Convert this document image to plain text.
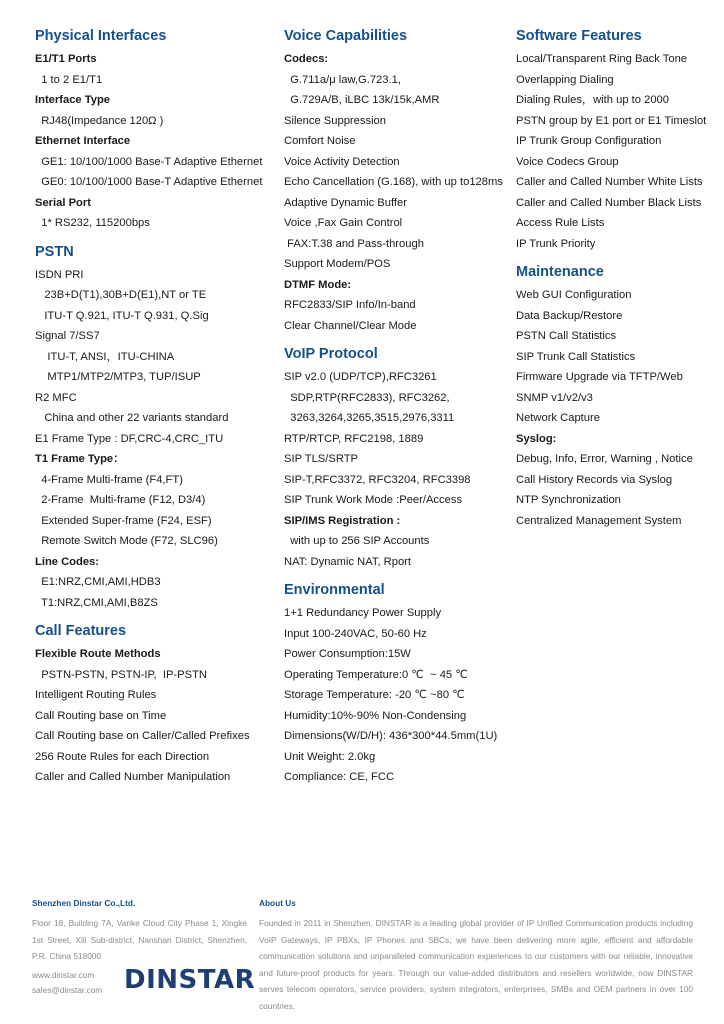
Physical Interfaces
E1/T1 Ports
1 to 2 E1/T1
Interface Type
RJ48(Impedance 120Ω )
Ethernet Interface
GE1: 10/100/1000 Base-T Adaptive Ethernet
GE0: 10/100/1000 Base-T Adaptive Ethernet
Serial Port
1* RS232, 115200bps
PSTN
ISDN PRI
23B+D(T1),30B+D(E1),NT or TE
ITU-T Q.921, ITU-T Q.931, Q.Sig
Signal 7/SS7
ITU-T, ANSI，ITU-CHINA
MTP1/MTP2/MTP3, TUP/ISUP
R2 MFC
China and other 22 variants standard
E1 Frame Type : DF,CRC-4,CRC_ITU
T1 Frame Type：
4-Frame Multi-frame (F4,FT)
2-Frame  Multi-frame (F12, D3/4)
Extended Super-frame (F24, ESF)
Remote Switch Mode (F72, SLC96)
Line Codes:
E1:NRZ,CMI,AMI,HDB3
T1:NRZ,CMI,AMI,B8ZS
Call Features
Flexible Route Methods
PSTN-PSTN, PSTN-IP,  IP-PSTN
Intelligent Routing Rules
Call Routing base on Time
Call Routing base on Caller/Called Prefixes
256 Route Rules for each Direction
Caller and Called Number Manipulation
Voice Capabilities
Codecs:
G.711a/μ law,G.723.1,
G.729A/B, iLBC 13k/15k,AMR
Silence Suppression
Comfort Noise
Voice Activity Detection
Echo Cancellation (G.168), with up to128ms
Adaptive Dynamic Buffer
Voice ,Fax Gain Control
FAX:T.38 and Pass-through
Support Modem/POS
DTMF Mode:
RFC2833/SIP Info/In-band
Clear Channel/Clear Mode
VoIP Protocol
SIP v2.0 (UDP/TCP),RFC3261
SDP,RTP(RFC2833), RFC3262,
3263,3264,3265,3515,2976,3311
RTP/RTCP, RFC2198, 1889
SIP TLS/SRTP
SIP-T,RFC3372, RFC3204, RFC3398
SIP Trunk Work Mode :Peer/Access
SIP/IMS Registration :
with up to 256 SIP Accounts
NAT: Dynamic NAT, Rport
Environmental
1+1 Redundancy Power Supply
Input 100-240VAC, 50-60 Hz
Power Consumption:15W
Operating Temperature:0 ℃  ~ 45 ℃
Storage Temperature: -20 ℃ ~80 ℃
Humidity:10%-90% Non-Condensing
Dimensions(W/D/H): 436*300*44.5mm(1U)
Unit Weight: 2.0kg
Compliance: CE, FCC
Software Features
Local/Transparent Ring Back Tone
Overlapping Dialing
Dialing Rules，with up to 2000
PSTN group by E1 port or E1 Timeslot
IP Trunk Group Configuration
Voice Codecs Group
Caller and Called Number White Lists
Caller and Called Number Black Lists
Access Rule Lists
IP Trunk Priority
Maintenance
Web GUI Configuration
Data Backup/Restore
PSTN Call Statistics
SIP Trunk Call Statistics
Firmware Upgrade via TFTP/Web
SNMP v1/v2/v3
Network Capture
Syslog:
Debug, Info, Error, Warning , Notice
Call History Records via Syslog
NTP Synchronization
Centralized Management System
Shenzhen Dinstar Co.,Ltd.
Floor 18, Building 7A, Vanke Cloud City Phase 1, Xingke 1st Street, Xili Sub-district, Nanshan District, Shenzhen, P.R. China 518000
www.dinstar.com
sales@dinstar.com DINSTAR
About Us
Founded in 2011 in Shenzhen, DINSTAR is a leading global provider of IP Unified Communication products including VoIP Gateways, IP PBXs, IP Phones and SBCs, we have been delivering more agile, efficient and affordable communication solutions and unparalleled communication experiences to our customers with our reliable, innovative and future-proof products for years. Through our value-added distributors and resellers worldwide, now DINSTAR serves telecom operators, service providers, system integrators, enterprises, SMBs and OEM partners in over 100 countries.
